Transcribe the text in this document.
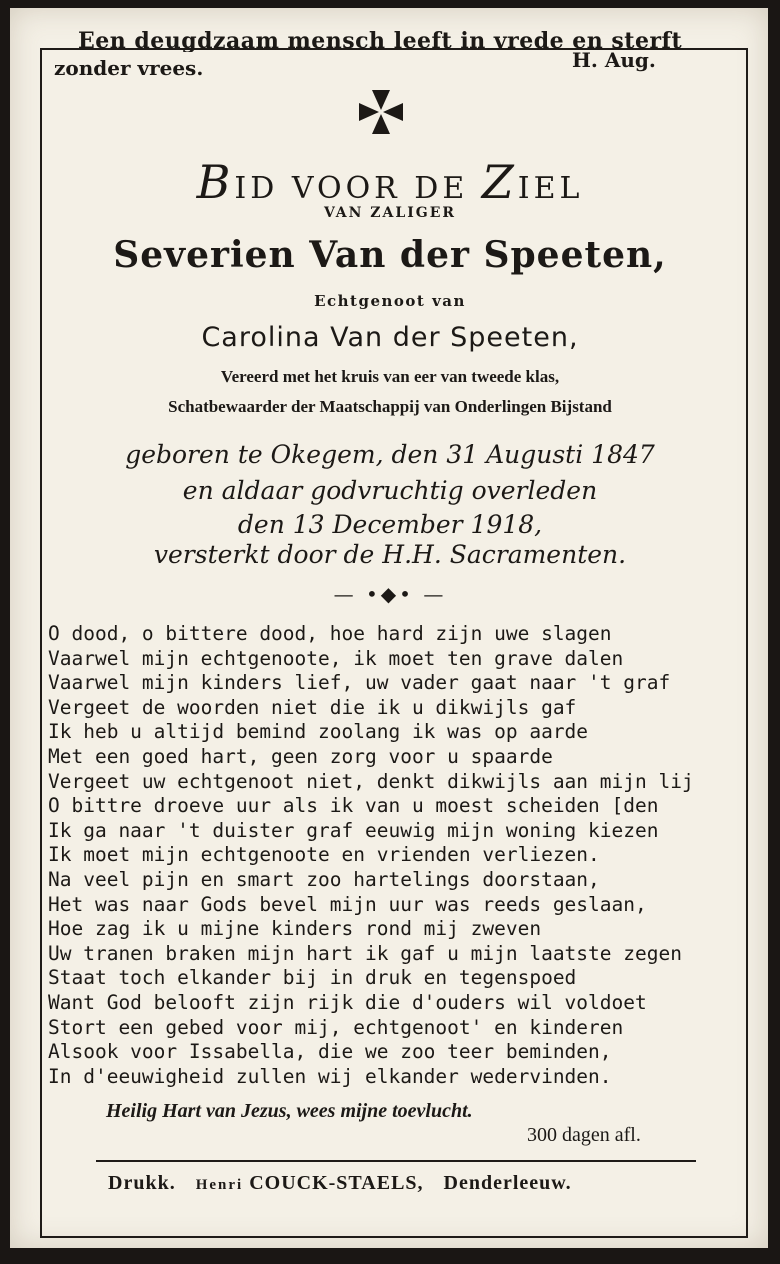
Een deugdzaam mensch leeft in vrede en sterft
zonder vrees.	H. Aug.
BID VOOR DE ZIEL
VAN ZALIGER
Severien Van der Speeten,
Echtgenoot van
Carolina Van der Speeten,
Vereerd met het kruis van eer van tweede klas,
Schatbewaarder der Maatschappij van Onderlingen Bijstand
geboren te Okegem, den 31 Augusti 1847
en aldaar godvruchtig overleden
den 13 December 1918,
versterkt door de H.H. Sacramenten.
— •◆• —
O dood, o bittere dood, hoe hard zijn uwe slagen
Vaarwel mijn echtgenoote, ik moet ten grave dalen
Vaarwel mijn kinders lief, uw vader gaat naar 't graf
Vergeet de woorden niet die ik u dikwijls gaf
Ik heb u altijd bemind zoolang ik was op aarde
Met een goed hart, geen zorg voor u spaarde
Vergeet uw echtgenoot niet, denkt dikwijls aan mijn lij
O bittre droeve uur als ik van u moest scheiden [den
Ik ga naar 't duister graf eeuwig mijn woning kiezen
Ik moet mijn echtgenoote en vrienden verliezen.
Na veel pijn en smart zoo hartelings doorstaan,
Het was naar Gods bevel mijn uur was reeds geslaan,
Hoe zag ik u mijne kinders rond mij zweven
Uw tranen braken mijn hart ik gaf u mijn laatste zegen
Staat toch elkander bij in druk en tegenspoed
Want God belooft zijn rijk die d'ouders wil voldoet
Stort een gebed voor mij, echtgenoot' en kinderen
Alsook voor Issabella, die we zoo teer beminden,
In d'eeuwigheid zullen wij elkander wedervinden.
Heilig Hart van Jezus, wees mijne toevlucht.
300 dagen afl.
Drukk. Henri COUCK-STAELS, Denderleeuw.
